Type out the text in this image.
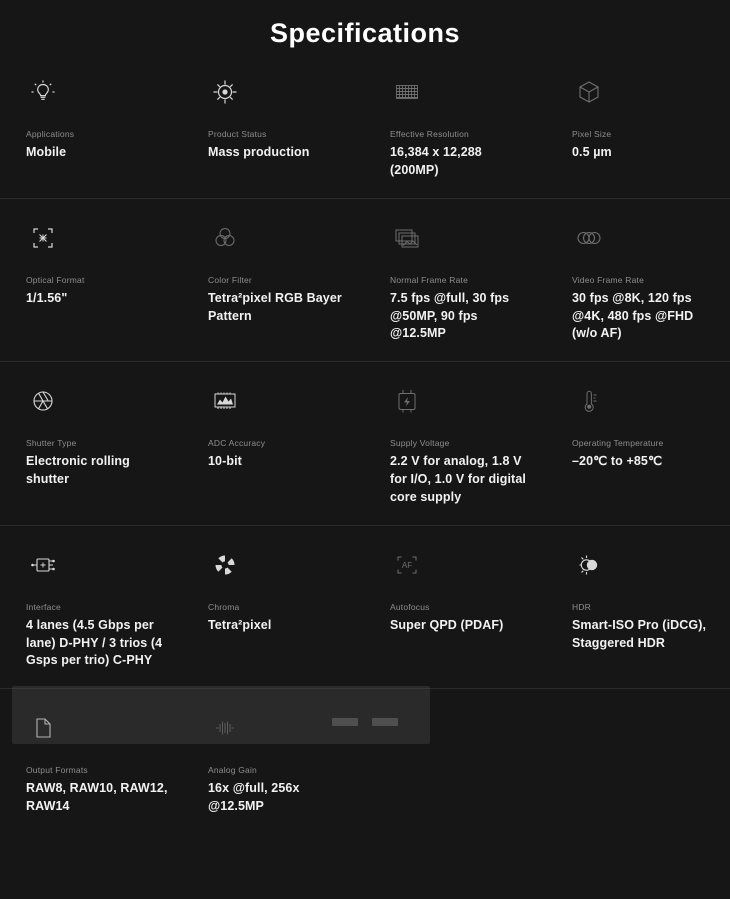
Specifications
Applications
Mobile
Product Status
Mass production
Effective Resolution
16,384 x 12,288 (200MP)
Pixel Size
0.5 µm
Optical Format
1/1.56"
Color Filter
Tetra²pixel RGB Bayer Pattern
Normal Frame Rate
7.5 fps @full, 30 fps @50MP, 90 fps @12.5MP
Video Frame Rate
30 fps @8K, 120 fps @4K, 480 fps @FHD (w/o AF)
Shutter Type
Electronic rolling shutter
ADC Accuracy
10-bit
Supply Voltage
2.2 V for analog, 1.8 V for I/O, 1.0 V for digital core supply
Operating Temperature
–20℃ to +85℃
Interface
4 lanes (4.5 Gbps per lane) D-PHY / 3 trios (4 Gsps per trio) C-PHY
Chroma
Tetra²pixel
AF
Autofocus
Super QPD (PDAF)
HDR
Smart-ISO Pro (iDCG), Staggered HDR
Output Formats
RAW8, RAW10, RAW12, RAW14
Analog Gain
16x @full, 256x @12.5MP
